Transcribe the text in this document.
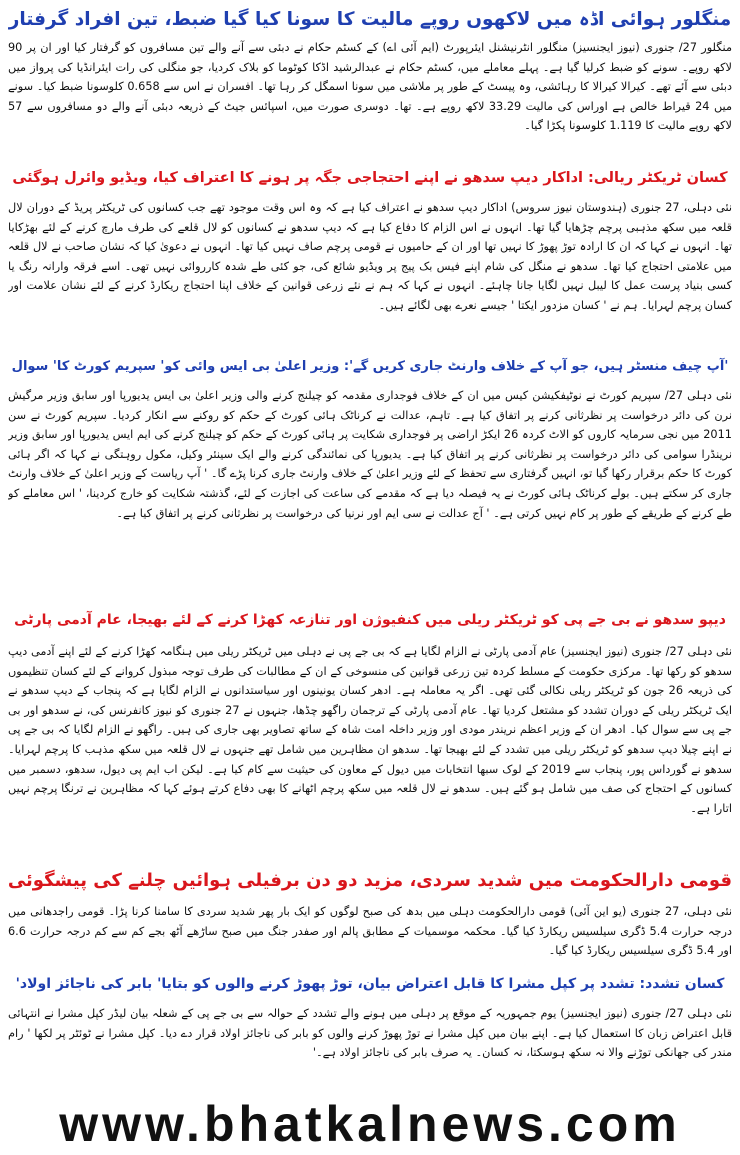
منگلور ہوائی اڈہ میں لاکھوں روپے مالیت کا سونا کیا گیا ضبط، تین افراد گرفتار

منگلور 27/ جنوری (نیوز ایجنسیز) منگلور انٹرنیشنل ایئرپورٹ (ایم آئی اے) کے کسٹم حکام نے دبئی سے آنے والے تین مسافروں کو گرفتار کیا اور ان پر 90 لاکھ روپے۔ سونے کو ضبط کرلیا گیا ہے۔ پہلے معاملے میں، کسٹم حکام نے عبدالرشید اڈکا کوٹوما کو بلاک کردیا، جو منگلی کی رات ایئرانڈیا کی پرواز میں دبئی سے آئے تھے۔ کیرالا کیرالا کا رہائشی، وہ پیسٹ کے طور پر ملاشی میں سونا اسمگل کر رہا تھا۔ افسران نے اس سے 0.658 کلوسونا ضبط کیا۔ سونے میں 24 قیراط خالص ہے اوراس کی مالیت 33.29 لاکھ روپے ہے۔ تھا۔ دوسری صورت میں، اسپائس جیٹ کے ذریعہ دبئی آنے والے دو مسافروں سے 57 لاکھ روپے مالیت کا 1.119 کلوسونا پکڑا گیا۔

کسان ٹریکٹر ریالی: اداکار دیپ سدھو نے اپنے احتجاجی جگہ پر ہونے کا اعتراف کیا، ویڈیو وائرل ہوگئی

نئی دہلی، 27 جنوری (ہندوستان نیوز سروس) اداکار دیپ سدھو نے اعتراف کیا ہے کہ وہ اس وقت موجود تھے جب کسانوں کی ٹریکٹر پریڈ کے دوران لال قلعہ میں سکھ مذہبی پرچم چڑھایا گیا تھا۔ انہوں نے اس الزام کا دفاع کیا ہے کہ دیپ سدھو نے کسانوں کو لال قلعے کی طرف مارچ کرنے کے لئے بھڑکایا تھا۔ انہوں نے کہا کہ ان کا ارادہ توڑ پھوڑ کا نہیں تھا اور ان کے حامیوں نے قومی پرچم صاف نہیں کیا تھا۔ انہوں نے دعویٰ کیا کہ نشان صاحب نے لال قلعہ میں علامتی احتجاج کیا تھا۔ سدھو نے منگل کی شام اپنے فیس بک پیج پر ویڈیو شائع کی، جو کئی طے شدہ کارروائی نہیں تھی۔ اسے فرقہ وارانہ رنگ یا کسی بنیاد پرست عمل کا لیبل نہیں لگایا جانا چاہئے۔ انہوں نے کہا کہ ہم نے نئے زرعی قوانین کے خلاف اپنا احتجاج ریکارڈ کرنے کے لئے نشان علامت اور کسان پرچم لہرایا۔ ہم نے ' کسان مزدور ایکتا ' جیسے نعرے بھی لگائے ہیں۔

'آپ چیف منسٹر ہیں، جو آپ کے خلاف وارنٹ جاری کریں گے': وزیر اعلیٰ بی ایس وائی کو' سپریم کورٹ کا' سوال

نئی دہلی 27/ سپریم کورٹ نے نوٹیفکیشن کیس میں ان کے خلاف فوجداری مقدمہ کو چیلنج کرنے والی وزیر اعلیٰ بی ایس یدیورپا اور سابق وزیر مرگیش نرن کی دائر درخواست پر نظرثانی کرنے پر اتفاق کیا ہے۔ تاہم، عدالت نے کرناٹک ہائی کورٹ کے حکم کو روکنے سے انکار کردیا۔ سپریم کورٹ نے سن 2011 میں نجی سرمایہ کاروں کو الاٹ کردہ 26 ایکڑ اراضی پر فوجداری شکایت پر ہائی کورٹ کے حکم کو چیلنج کرنے کی ایم ایس یدیورپا اور سابق وزیر نرینڈرا سوامی کی دائر درخواست پر نظرثانی کرنے پر اتفاق کیا ہے۔ یدیورپا کی نمائندگی کرنے والے ایک سینئر وکیل، مکول روہتگی نے کہا کہ اگر ہائی کورٹ کا حکم برقرار رکھا گیا تو، انہیں گرفتاری سے تحفظ کے لئے وزیر اعلیٰ کے خلاف وارنٹ جاری کرنا پڑے گا۔ ' آپ ریاست کے وزیر اعلیٰ کے خلاف وارنٹ جاری کر سکتے ہیں۔ بولے کرناٹک ہائی کورٹ نے یہ فیصلہ دیا ہے کہ مقدمے کی ساعت کی اجازت کے لئے، گذشتہ شکایت کو خارج کردینا، ' اس معاملے کو طے کرنے کے طریقے کے طور پر کام نہیں کرتی ہے۔ ' آج عدالت نے سی ایم اور نرنیا کی درخواست پر نظرثانی کرنے پر اتفاق کیا ہے۔

دیپو سدھو نے بی جے پی کو ٹریکٹر ریلی میں کنفیوژن اور تنازعہ کھڑا کرنے کے لئے بھیجا، عام آدمی پارٹی

نئی دہلی 27/ جنوری (نیوز ایجنسیز) عام آدمی پارٹی نے الزام لگایا ہے کہ بی جے پی نے دہلی میں ٹریکٹر ریلی میں ہنگامہ کھڑا کرنے کے لئے اپنے آدمی دیپ سدھو کو رکھا تھا۔ مرکزی حکومت کے مسلط کردہ تین زرعی قوانین کی منسوخی کے ان کے مطالبات کی طرف توجہ مبذول کروانے کے لئے کسان تنظیموں کی ذریعہ 26 جون کو ٹریکٹر ریلی نکالی گئی تھی۔ اگر یہ معاملہ ہے۔ ادھر کسان یونینوں اور سیاستدانوں نے الزام لگایا ہے کہ پنجاب کے دیپ سدھو نے ایک ٹریکٹر ریلی کے دوران تشدد کو مشتعل کردیا تھا۔ عام آدمی پارٹی کے ترجمان راگھو چڈھا، جنہوں نے 27 جنوری کو نیوز کانفرنس کی، نے سدھو اور بی جے پی سے سوال کیا۔ ادھر ان کے وزیر اعظم نریندر مودی اور وزیر داخلہ امت شاہ کے ساتھ تصاویر بھی جاری کی ہیں۔ راگھو نے الزام لگایا کہ بی جے پی نے اپنے چیلا دیپ سدھو کو ٹریکٹر ریلی میں تشدد کے لئے بھیجا تھا۔ سدھو ان مظاہرین میں شامل تھے جنہوں نے لال قلعہ میں سکھ مذہب کا پرچم لہرایا۔ سدھو نے گورداس پور، پنجاب سے 2019 کے لوک سبھا انتخابات میں دیول کے معاون کی حیثیت سے کام کیا ہے۔ لیکن اب ایم پی دیول، سدھو، دسمبر میں کسانوں کے احتجاج کی صف میں شامل ہو گئے ہیں۔ سدھو نے لال قلعہ میں سکھ پرچم اٹھانے کا بھی دفاع کرتے ہوئے کہا کہ مظاہرین نے ترنگا پرچم نہیں اتارا ہے۔

قومی دارالحکومت میں شدید سردی، مزید دو دن برفیلی ہوائیں چلنے کی پیشگوئی

نئی دہلی، 27 جنوری (یو این آئی) قومی دارالحکومت دہلی میں بدھ کی صبح لوگوں کو ایک بار پھر شدید سردی کا سامنا کرنا پڑا۔ قومی راجدھانی میں درجہ حرارت 5.4 ڈگری سیلسیس ریکارڈ کیا گیا۔ محکمہ موسمیات کے مطابق پالم اور صفدر جنگ میں صبح ساڑھے آٹھ بجے کم سے کم درجہ حرارت 6.6 اور 5.4 ڈگری سیلسیس ریکارڈ کیا گیا۔

کسان تشدد: تشدد پر کپل مشرا کا قابل اعتراض بیان، توڑ پھوڑ کرنے والوں کو بتایا' بابر کی ناجائز اولاد'

نئی دہلی 27/ جنوری (نیوز ایجنسیز) یوم جمہوریہ کے موقع پر دہلی میں ہونے والے تشدد کے حوالہ سے بی جے پی کے شعلہ بیان لیڈر کپل مشرا نے انتہائی قابل اعتراض زبان کا استعمال کیا ہے۔ اپنے بیان میں کپل مشرا نے توڑ پھوڑ کرنے والوں کو بابر کی ناجائز اولاد قرار دے دیا۔ کپل مشرا نے ٹوئٹر پر لکھا ' رام مندر کی جھانکی توڑنے والا نہ سکھ ہوسکتا، نہ کسان۔ یہ صرف بابر کی ناجائز اولاد ہے۔'

www.bhatkalnews.com
